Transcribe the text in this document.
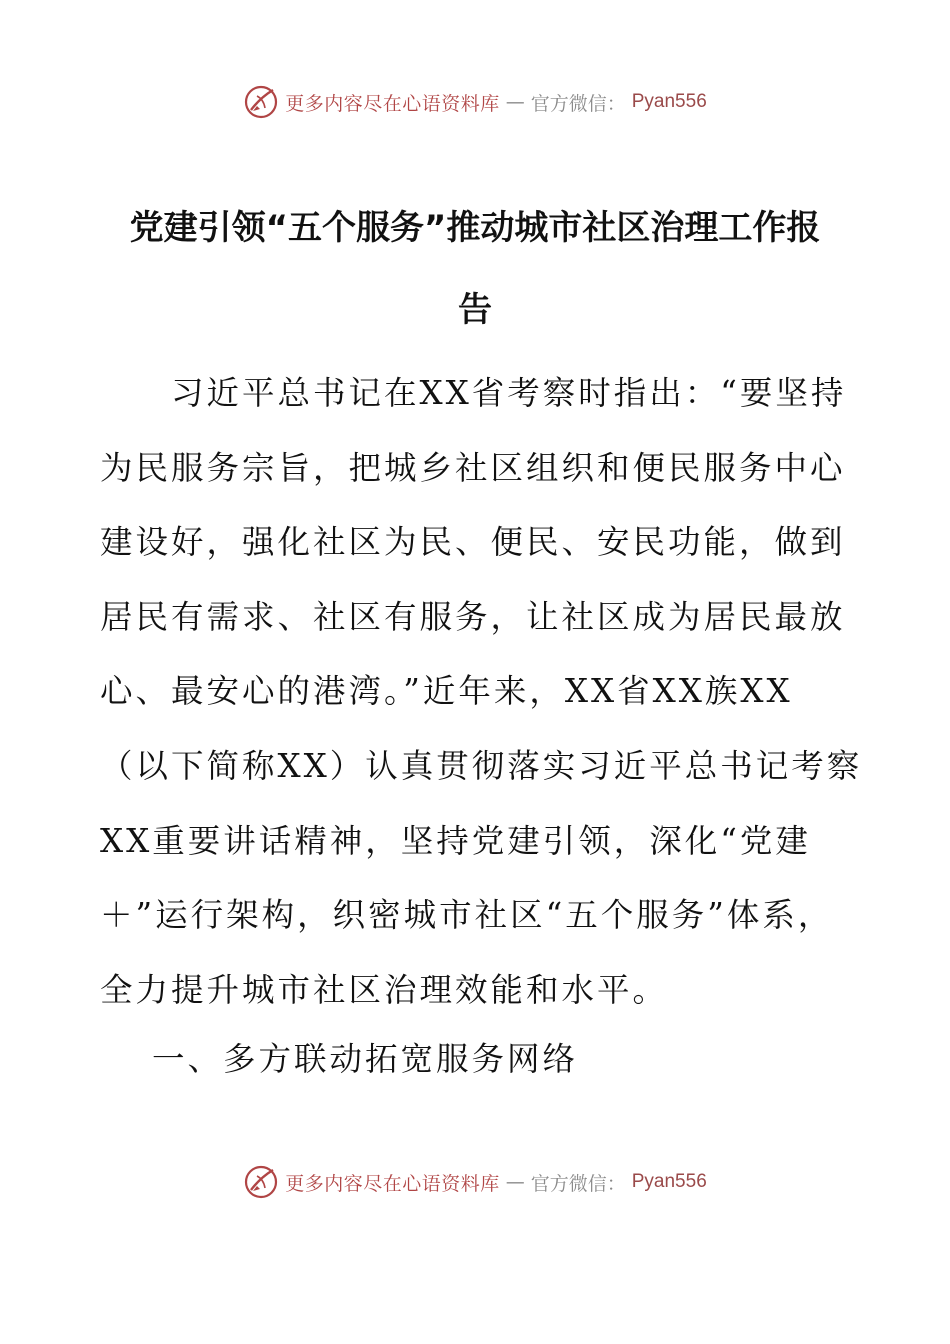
更多内容尽在心语资料库 — 官方微信： Pyan556
党建引领“五个服务”推动城市社区治理工作报
告
　　习近平总书记在XX省考察时指出：“要坚持
为民服务宗旨，把城乡社区组织和便民服务中心
建设好，强化社区为民、便民、安民功能，做到
居民有需求、社区有服务，让社区成为居民最放
心、最安心的港湾。”近年来，XX省XX族XX
（以下简称XX）认真贯彻落实习近平总书记考察
XX重要讲话精神，坚持党建引领，深化“党建
＋”运行架构，织密城市社区“五个服务”体系，
全力提升城市社区治理效能和水平。
一、多方联动拓宽服务网络
更多内容尽在心语资料库 — 官方微信： Pyan556
